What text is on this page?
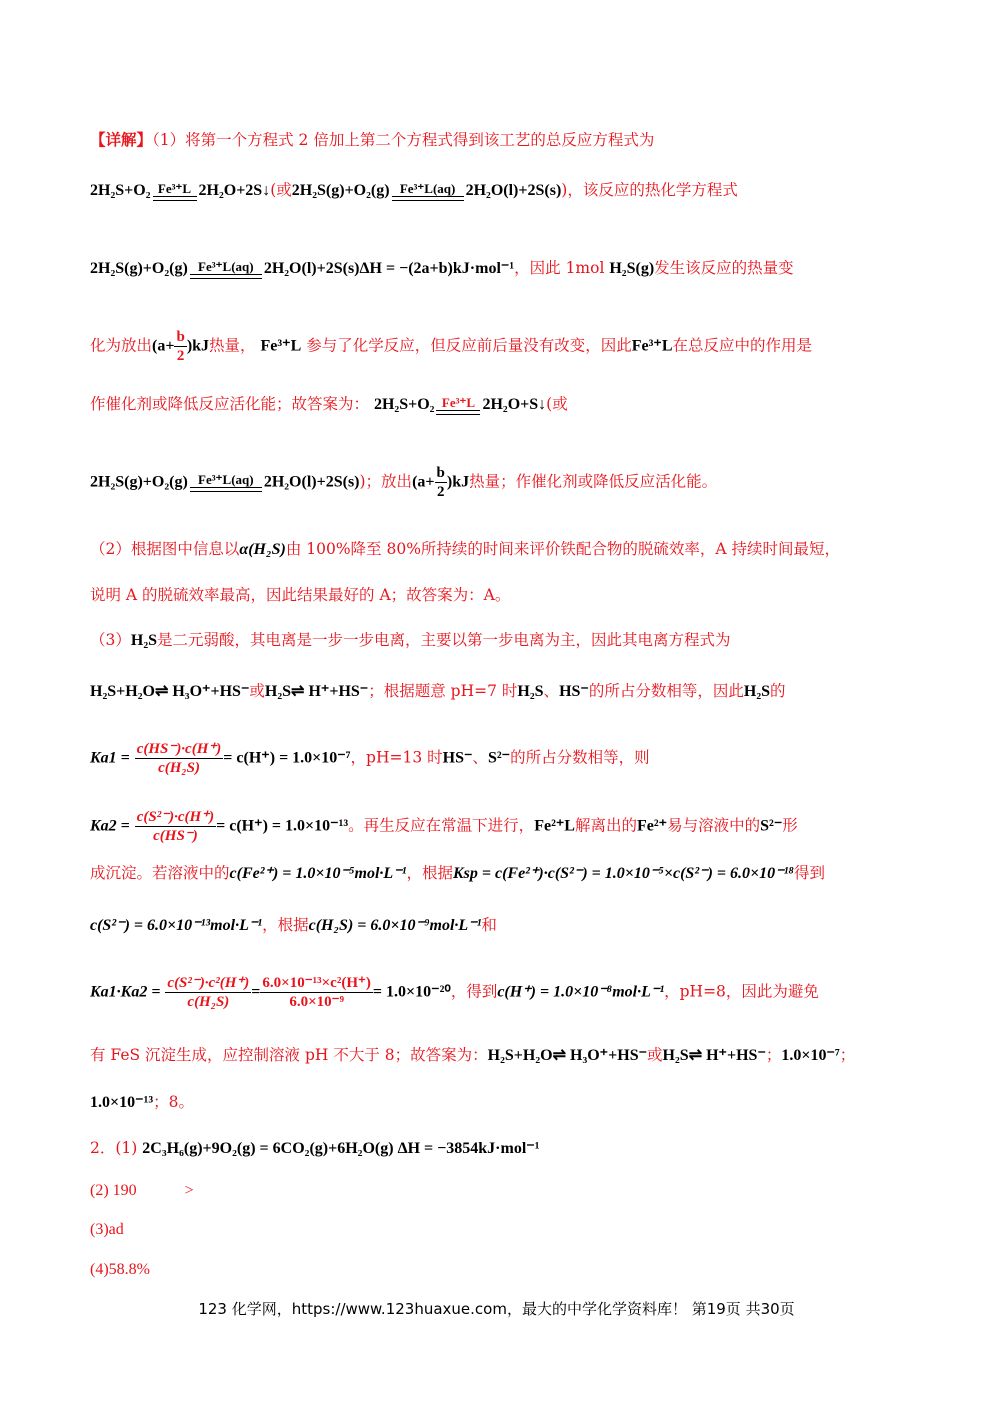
【详解】（1）将第一个方程式 2 倍加上第二个方程式得到该工艺的总反应方程式为
2H₂S+O₂ Fe³⁺L 2H₂O+2S↓(或2H₂S(g)+O₂(g) Fe³⁺L(aq) 2H₂O(l)+2S(s))，该反应的热化学方程式
2H₂S(g)+O₂(g) Fe³⁺L(aq) 2H₂O(l)+2S(s)ΔH = −(2a+b)kJ·mol⁻¹，因此 1mol H₂S(g)发生该反应的热量变
化为放出$(a+ \frac{b}{2} )kJ$热量， Fe³⁺L 参与了化学反应，但反应前后量没有改变，因此Fe³⁺L在总反应中的作用是
作催化剂或降低反应活化能；故答案为： 2H₂S+O₂ Fe³⁺L 2H₂O+S↓(或
2H₂S(g)+O₂(g) Fe³⁺L(aq) 2H₂O(l)+2S(s))；放出$(a+ \frac{b}{2} )kJ$热量；作催化剂或降低反应活化能。
（2）根据图中信息以α(H₂S)由 100%降至 80%所持续的时间来评价铁配合物的脱硫效率，A 持续时间最短，
说明 A 的脱硫效率最高，因此结果最好的 A；故答案为：A。
（3）H₂S是二元弱酸，其电离是一步一步电离，主要以第一步电离为主，因此其电离方程式为
H₂S+H₂O⇌ H₃O⁺+HS⁻或H₂S⇌ H⁺+HS⁻；根据题意 pH=7 时H₂S、HS⁻的所占分数相等，因此H₂S的
$Ka1 = \frac{c(HS^-)\cdot c(H^+)}{\text{c(H₂S)}} = c(H^+) = 1.0\times 10^{-7}$，pH=13 时HS⁻、S²⁻的所占分数相等，则
$Ka2 = \frac{\text{c(S²⁻)·c(H⁺)}}{c(HS^-)} = c(H^+) = 1.0\times 10^{-13}$。再生反应在常温下进行，Fe²⁺L解离出的Fe²⁺易与溶液中的S²⁻形
成沉淀。若溶液中的c(Fe²⁺) = 1.0×10⁻⁵mol·L⁻¹，根据Ksp = c(Fe²⁺)·c(S²⁻) = 1.0×10⁻⁵×c(S²⁻) = 6.0×10⁻¹⁸得到
c(S²⁻) = 6.0×10⁻¹³mol·L⁻¹，根据c(H₂S) = 6.0×10⁻⁹mol·L⁻¹和
$Ka1\cdot Ka2 = \frac{\text{c(S²⁻)·c²(H⁺)}}{\text{c(H₂S)}} = \frac{\text{6.0×10⁻¹³×c²(H⁺)}}{\text{6.0×10⁻⁹}} = 1.0\times 10^{-20}$，得到c(H⁺) = 1.0×10⁻⁸mol·L⁻¹，pH=8，因此为避免
有 FeS 沉淀生成，应控制溶液 pH 不大于 8；故答案为：H₂S+H₂O⇌ H₃O⁺+HS⁻或H₂S⇌ H⁺+HS⁻；1.0×10⁻⁷；
1.0×10⁻¹³；8。
2．(1) 2C₃H₆(g)+9O₂(g) = 6CO₂(g)+6H₂O(g) ΔH = −3854kJ·mol⁻¹
(2) 190	>
(3)ad
(4)58.8%
123 化学网，https://www.123huaxue.com，最大的中学化学资料库！ 第19页 共30页
